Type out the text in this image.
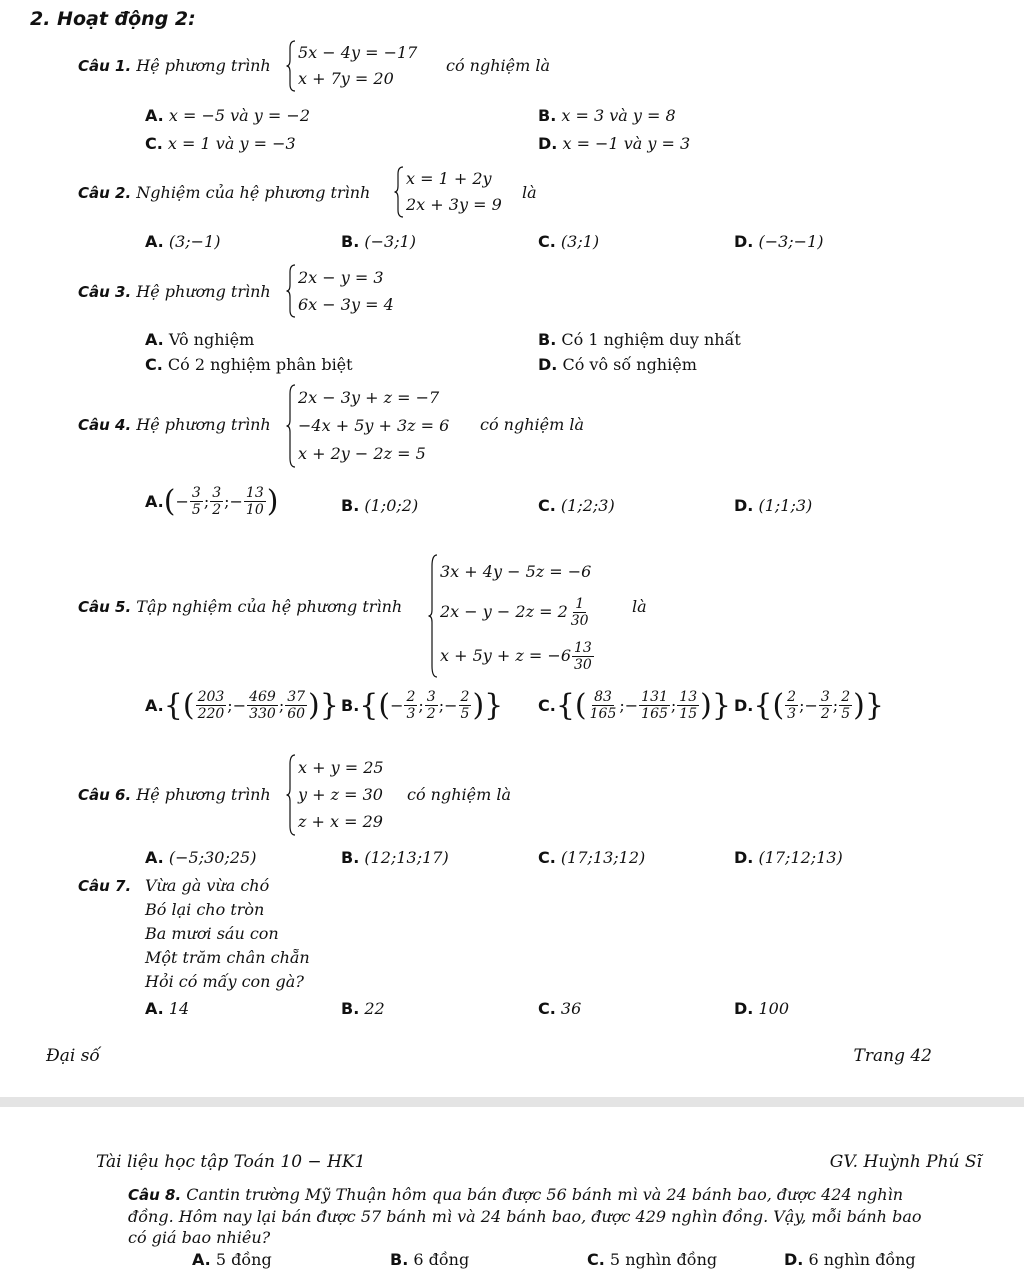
2. Hoạt động 2:
Câu 1. Hệ phương trình
5x − 4y = −17
x + 7y = 20
có nghiệm là
A. x = −5 và y = −2	B. x = 3 và y = 8
C. x = 1 và y = −3	D. x = −1 và y = 3
Câu 2. Nghiệm của hệ phương trình
x = 1 + 2y
2x + 3y = 9
là
A. (3;−1)	B. (−3;1)	C. (3;1)	D. (−3;−1)
Câu 3. Hệ phương trình
2x − y = 3
6x − 3y = 4
A. Vô nghiệm	B. Có 1 nghiệm duy nhất
C. Có 2 nghiệm phân biệt	D. Có vô số nghiệm
Câu 4. Hệ phương trình
2x − 3y + z = −7
−4x + 5y + 3z = 6
x + 2y − 2z = 5
có nghiệm là
A. ( − $\frac{3}{5}$ ; $\frac{3}{2}$ ; − $\frac{13}{10}$ )	B. (1;0;2)	C. (1;2;3)	D. (1;1;3)
Câu 5. Tập nghiệm của hệ phương trình
3x + 4y − 5z = −6
$2x - y - 2z = 2 \frac{1}{30}$
$x + 5y + z = -6 \frac{13}{30}$
là
A. {( $\frac{203}{220}$ ; − $\frac{469}{330}$ ; $\frac{37}{60}$ )} B. {( − $\frac{2}{3}$ ; $\frac{3}{2}$ ; − $\frac{2}{5}$ )} C. {( $\frac{83}{165}$ ; − $\frac{131}{165}$ ; $\frac{13}{15}$ )} D. {( $\frac{2}{3}$ ; − $\frac{3}{2}$ ; $\frac{2}{5}$ )}
Câu 6. Hệ phương trình
x + y = 25
y + z = 30
z + x = 29
có nghiệm là
A. (−5;30;25)	B. (12;13;17)	C. (17;13;12)	D. (17;12;13)
Câu 7. Vừa gà vừa chó
Bó lại cho tròn
Ba mươi sáu con
Một trăm chân chẵn
Hỏi có mấy con gà?
A. 14	B. 22	C. 36	D. 100
Đại số	Trang 42
Tài liệu học tập Toán 10 − HK1	GV. Huỳnh Phú Sĩ
Câu 8. Cantin trường Mỹ Thuận hôm qua bán được 56 bánh mì và 24 bánh bao, được 424 nghìn
đồng. Hôm nay lại bán được 57 bánh mì và 24 bánh bao, được 429 nghìn đồng. Vậy, mỗi bánh bao
có giá bao nhiêu?
A. 5 đồng	B. 6 đồng	C. 5 nghìn đồng	D. 6 nghìn đồng
